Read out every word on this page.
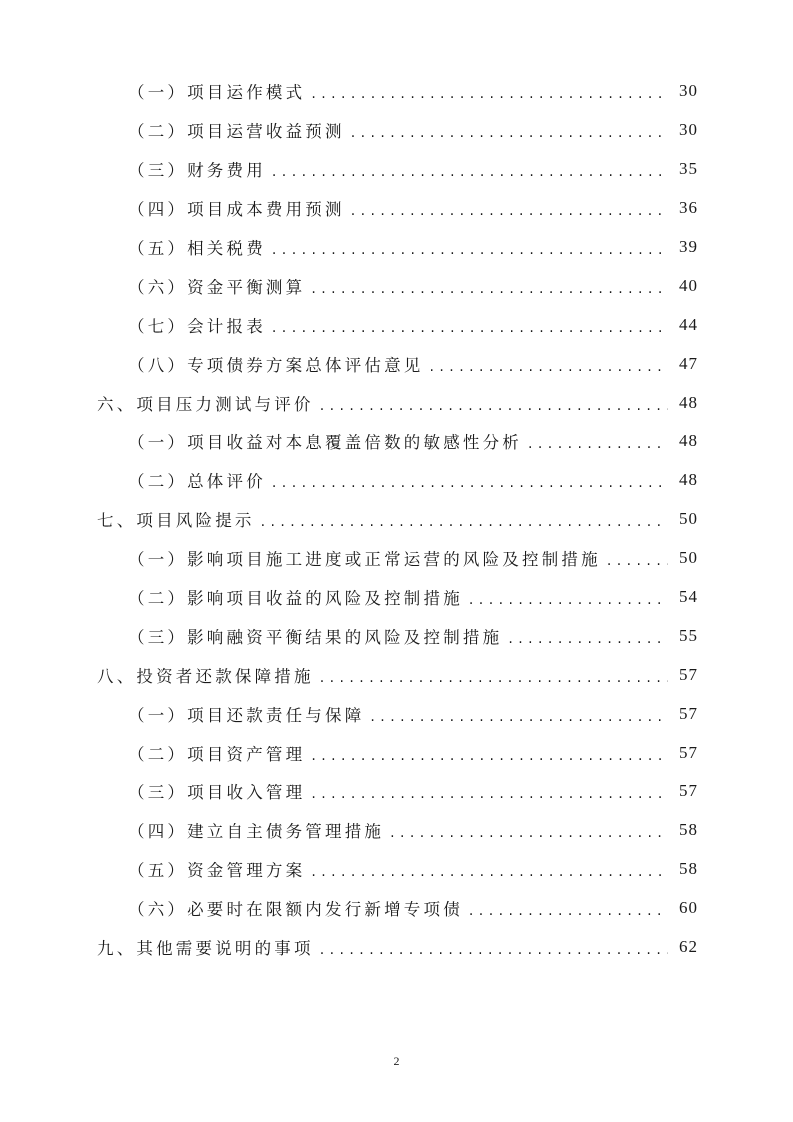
（一）项目运作模式 . . .	30
（二）项目运营收益预测 . . .	30
（三）财务费用 . . .	35
（四）项目成本费用预测 . . .	36
（五）相关税费 . . .	39
（六）资金平衡测算 . . .	40
（七）会计报表 . . .	44
（八）专项债券方案总体评估意见 . . .	47
六、项目压力测试与评价 . . .	48
（一）项目收益对本息覆盖倍数的敏感性分析 . . .	48
（二）总体评价 . . .	48
七、项目风险提示 . . .	50
（一）影响项目施工进度或正常运营的风险及控制措施 . . .	50
（二）影响项目收益的风险及控制措施 . . .	54
（三）影响融资平衡结果的风险及控制措施 . . .	55
八、投资者还款保障措施 . . .	57
（一）项目还款责任与保障 . . .	57
（二）项目资产管理 . . .	57
（三）项目收入管理 . . .	57
（四）建立自主债务管理措施 . . .	58
（五）资金管理方案 . . .	58
（六）必要时在限额内发行新增专项债 . . .	60
九、其他需要说明的事项 . . .	62
2
